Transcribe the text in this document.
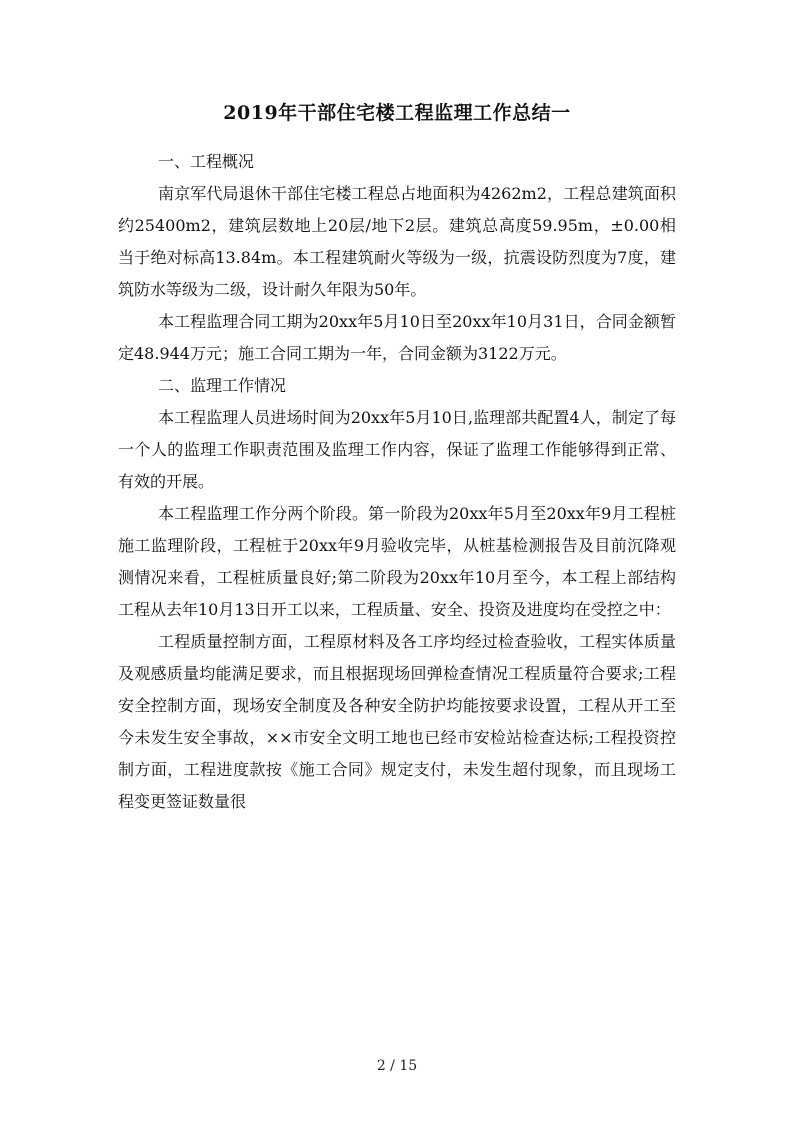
2019年干部住宅楼工程监理工作总结一
一、工程概况

南京军代局退休干部住宅楼工程总占地面积为4262m2，工程总建筑面积约25400m2，建筑层数地上20层/地下2层。建筑总高度59.95m，±0.00相当于绝对标高13.84m。本工程建筑耐火等级为一级，抗震设防烈度为7度，建筑防水等级为二级，设计耐久年限为50年。

本工程监理合同工期为20xx年5月10日至20xx年10月31日，合同金额暂定48.944万元；施工合同工期为一年，合同金额为3122万元。

二、监理工作情况

本工程监理人员进场时间为20xx年5月10日,监理部共配置4人，制定了每一个人的监理工作职责范围及监理工作内容，保证了监理工作能够得到正常、有效的开展。

本工程监理工作分两个阶段。第一阶段为20xx年5月至20xx年9月工程桩施工监理阶段，工程桩于20xx年9月验收完毕，从桩基检测报告及目前沉降观测情况来看，工程桩质量良好;第二阶段为20xx年10月至今，本工程上部结构工程从去年10月13日开工以来，工程质量、安全、投资及进度均在受控之中：

工程质量控制方面，工程原材料及各工序均经过检查验收，工程实体质量及观感质量均能满足要求，而且根据现场回弹检查情况工程质量符合要求;工程安全控制方面，现场安全制度及各种安全防护均能按要求设置，工程从开工至今未发生安全事故，××市安全文明工地也已经市安检站检查达标;工程投资控制方面，工程进度款按《施工合同》规定支付，未发生超付现象，而且现场工程变更签证数量很

2 / 15
